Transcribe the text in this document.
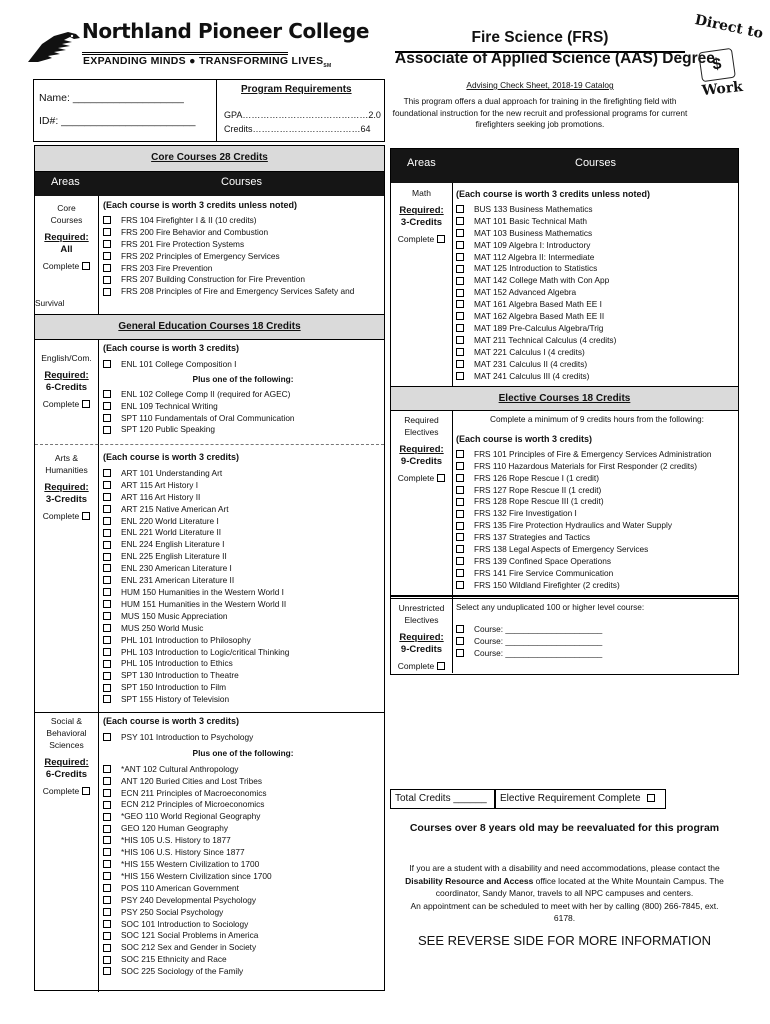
Northland Pioneer College
EXPANDING MINDS ● TRANSFORMING $LIVES_{SM}$
Fire Science (FRS)
Associate of Applied Science (AAS) Degree
Advising Check Sheet, 2018-19 Catalog
This program offers a dual approach for training in the firefighting field with foundational instruction for the new recruit and professional programs for current firefighters seeking job promotions.
Direct to
$
Work
Name: ___________________
ID#: _______________________
Program Requirements
GPA……………………………………2.0
Credits………………………………64
Core Courses 28 Credits
Areas	Courses
Core Courses
Required:
All
Complete
(Each course is worth 3 credits unless noted)
FRS 104 Firefighter I & II (10 credits)
FRS 200 Fire Behavior and Combustion
FRS 201 Fire Protection Systems
FRS 202 Principles of Emergency Services
FRS 203 Fire Prevention
FRS 207 Building Construction for Fire Prevention
FRS 208 Principles of Fire and Emergency Services Safety and
Survival
General Education Courses 18 Credits
English/Com.
Required:
6-Credits
Complete
(Each course is worth 3 credits)
ENL 101 College Composition I
Plus one of the following:
ENL 102 College Comp II (required for AGEC)
ENL 109 Technical Writing
SPT 110 Fundamentals of Oral Communication
SPT 120 Public Speaking
Arts &
Humanities
Required:
3-Credits
Complete
(Each course is worth 3 credits)
ART 101 Understanding Art
ART 115 Art History I
ART 116 Art History II
ART 215 Native American Art
ENL 220 World Literature I
ENL 221 World Literature II
ENL 224 English Literature I
ENL 225 English Literature II
ENL 230 American Literature I
ENL 231 American Literature II
HUM 150 Humanities in the Western World I
HUM 151 Humanities in the Western World II
MUS 150 Music Appreciation
MUS 250 World Music
PHL 101 Introduction to Philosophy
PHL 103 Introduction to Logic/critical Thinking
PHL 105 Introduction to Ethics
SPT 130 Introduction to Theatre
SPT 150 Introduction to Film
SPT 155 History of Television
Social &
Behavioral
Sciences
Required:
6-Credits
Complete
(Each course is worth 3 credits)
PSY 101 Introduction to Psychology
Plus one of the following:
*ANT 102 Cultural Anthropology
ANT 120 Buried Cities and Lost Tribes
ECN 211 Principles of Macroeconomics
ECN 212 Principles of Microeconomics
*GEO 110 World Regional Geography
GEO 120 Human Geography
*HIS 105 U.S. History to 1877
*HIS 106 U.S. History Since 1877
*HIS 155 Western Civilization to 1700
*HIS 156 Western Civilization since 1700
POS 110 American Government
PSY 240 Developmental Psychology
PSY 250 Social Psychology
SOC 101 Introduction to Sociology
SOC 121 Social Problems in America
SOC 212 Sex and Gender in Society
SOC 215 Ethnicity and Race
SOC 225 Sociology of the Family
Areas	Courses
Math
Required:
3-Credits
Complete
(Each course is worth 3 credits unless noted)
BUS 133 Business Mathematics
MAT 101 Basic Technical Math
MAT 103 Business Mathematics
MAT 109 Algebra I: Introductory
MAT 112 Algebra II: Intermediate
MAT 125 Introduction to Statistics
MAT 142 College Math with Con App
MAT 152 Advanced Algebra
MAT 161 Algebra Based Math EE I
MAT 162 Algebra Based Math EE II
MAT 189 Pre-Calculus Algebra/Trig
MAT 211 Technical Calculus (4 credits)
MAT 221 Calculus I (4 credits)
MAT 231 Calculus II (4 credits)
MAT 241 Calculus III (4 credits)
Elective Courses 18 Credits
Required
Electives
Required:
9-Credits
Complete
Complete a minimum of 9 credits hours from the following:
(Each course is worth 3 credits)
FRS 101 Principles of Fire & Emergency Services Administration
FRS 110 Hazardous Materials for First Responder (2 credits)
FRS 126 Rope Rescue I (1 credit)
FRS 127 Rope Rescue II (1 credit)
FRS 128 Rope Rescue III (1 credit)
FRS 132 Fire Investigation I
FRS 135 Fire Protection Hydraulics and Water Supply
FRS 137 Strategies and Tactics
FRS 138 Legal Aspects of Emergency Services
FRS 139 Confined Space Operations
FRS 141 Fire Service Communication
FRS 150 Wildland Firefighter (2 credits)
Unrestricted
Electives
Required:
9-Credits
Complete
Select any unduplicated 100 or higher level course:
Course: _____________________
Course: _____________________
Course: _____________________
Total Credits ______ Elective Requirement Complete
Courses over 8 years old may be reevaluated for this program
If you are a student with a disability and need accommodations, please contact the
Disability Resource and Access office located at the White Mountain Campus. The
coordinator, Sandy Manor, travels to all NPC campuses and centers.
An appointment can be scheduled to meet with her by calling (800) 266-7845, ext.
6178.
SEE REVERSE SIDE FOR MORE INFORMATION
